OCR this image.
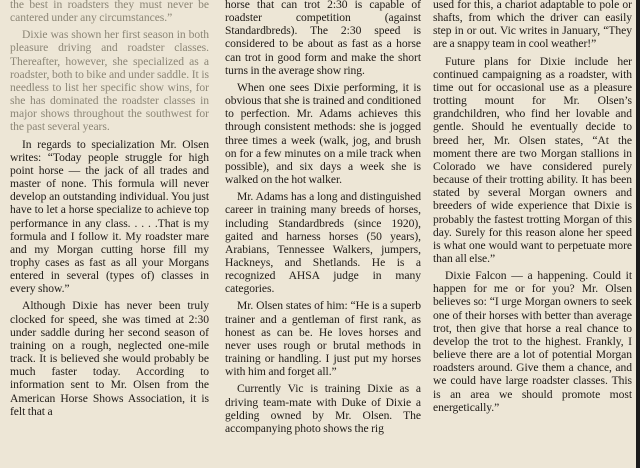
the best in roadsters they must never be cantered under any circumstances.”

Dixie was shown her first season in both pleasure driving and roadster classes. Thereafter, however, she specialized as a roadster, both to bike and under saddle. It is needless to list her specific show wins, for she has dominated the roadster classes in major shows throughout the southwest for the past several years.

In regards to specialization Mr. Olsen writes: “Today people struggle for high point horse — the jack of all trades and master of none. This formula will never develop an outstanding individual. You just have to let a horse specialize to achieve top performance in any class. . . . .That is my formula and I follow it. My roadster mare and my Morgan cutting horse fill my trophy cases as fast as all your Morgans entered in several (types of) classes in every show.”

Although Dixie has never been truly clocked for speed, she was timed at 2:30 under saddle during her second season of training on a rough, neglected one-mile track. It is believed she would probably be much faster today. According to information sent to Mr. Olsen from the American Horse Shows Association, it is felt that a

horse that can trot 2:30 is capable of roadster competition (against Standardbreds). The 2:30 speed is considered to be about as fast as a horse can trot in good form and make the short turns in the average show ring.

When one sees Dixie performing, it is obvious that she is trained and conditioned to perfection. Mr. Adams achieves this through consistent methods: she is jogged three times a week (walk, jog, and brush on for a few minutes on a mile track when possible), and six days a week she is walked on the hot walker.

Mr. Adams has a long and distinguished career in training many breeds of horses, including Standardbreds (since 1920), gaited and harness horses (50 years), Arabians, Tennessee Walkers, jumpers, Hackneys, and Shetlands. He is a recognized AHSA judge in many categories.

Mr. Olsen states of him: “He is a superb trainer and a gentleman of first rank, as honest as can be. He loves horses and never uses rough or brutal methods in training or handling. I just put my horses with him and forget all.”

Currently Vic is training Dixie as a driving team-mate with Duke of Dixie a gelding owned by Mr. Olsen. The accompanying photo shows the rig

used for this, a chariot adaptable to pole or shafts, from which the driver can easily step in or out. Vic writes in January, “They are a snappy team in cool weather!”

Future plans for Dixie include her continued campaigning as a roadster, with time out for occasional use as a pleasure trotting mount for Mr. Olsen’s grandchildren, who find her lovable and gentle. Should he eventually decide to breed her, Mr. Olsen states, “At the moment there are two Morgan stallions in Colorado we have considered purely because of their trotting ability. It has been stated by several Morgan owners and breeders of wide experience that Dixie is probably the fastest trotting Morgan of this day. Surely for this reason alone her speed is what one would want to perpetuate more than all else.”

Dixie Falcon — a happening. Could it happen for me or for you? Mr. Olsen believes so: “I urge Morgan owners to seek one of their horses with better than average trot, then give that horse a real chance to develop the trot to the highest. Frankly, I believe there are a lot of potential Morgan roadsters around. Give them a chance, and we could have large roadster classes. This is an area we should promote most energetically.”
